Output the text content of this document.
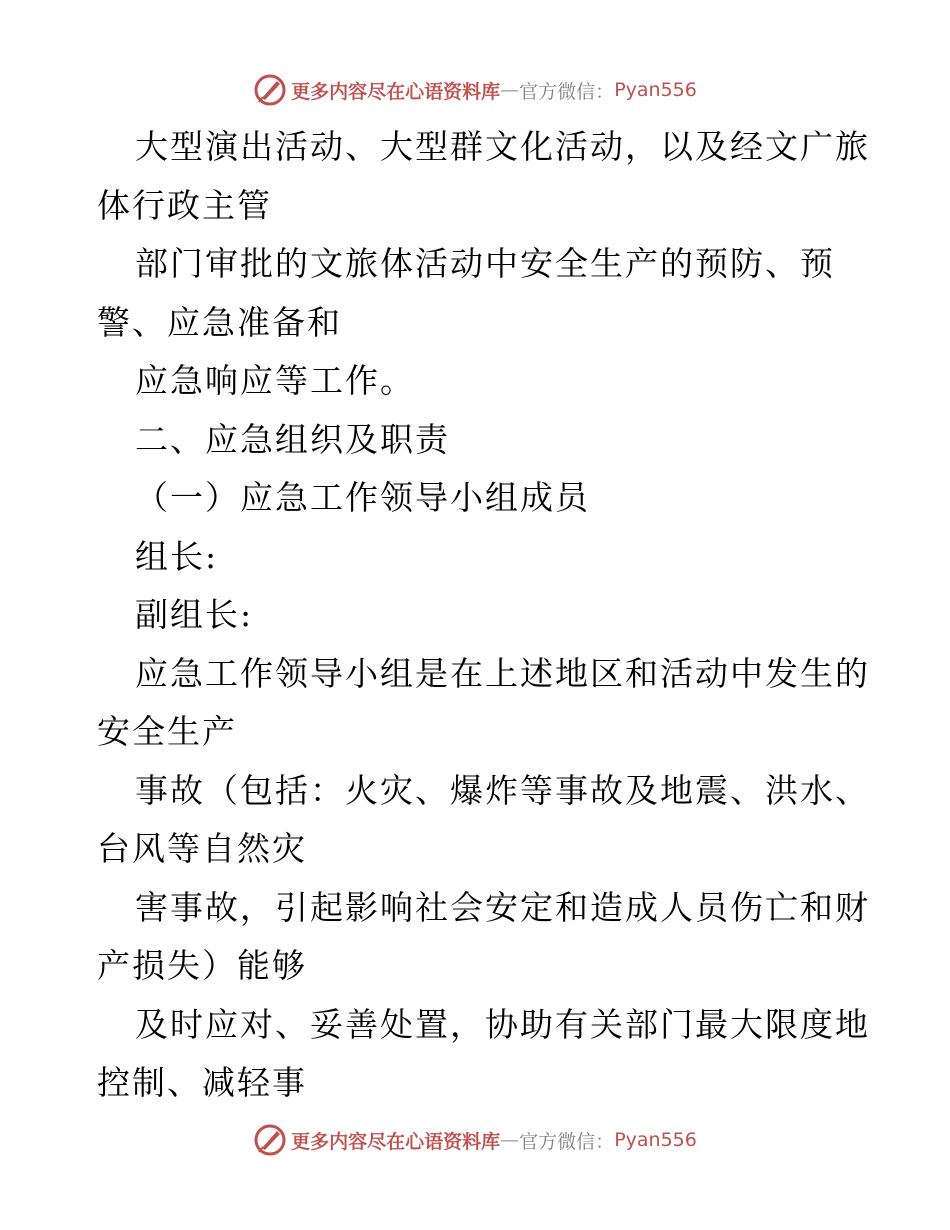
更多内容尽在心语资料库 — 官方微信： Pyan556
大型演出活动、大型群文化活动，以及经文广旅
体行政主管
部门审批的文旅体活动中安全生产的预防、预
警、应急准备和
应急响应等工作。
二、应急组织及职责
（一）应急工作领导小组成员
组长:
副组长:
应急工作领导小组是在上述地区和活动中发生的
安全生产
事故（包括：火灾、爆炸等事故及地震、洪水、
台风等自然灾
害事故，引起影响社会安定和造成人员伤亡和财
产损失）能够
及时应对、妥善处置，协助有关部门最大限度地
控制、减轻事
更多内容尽在心语资料库 — 官方微信： Pyan556
